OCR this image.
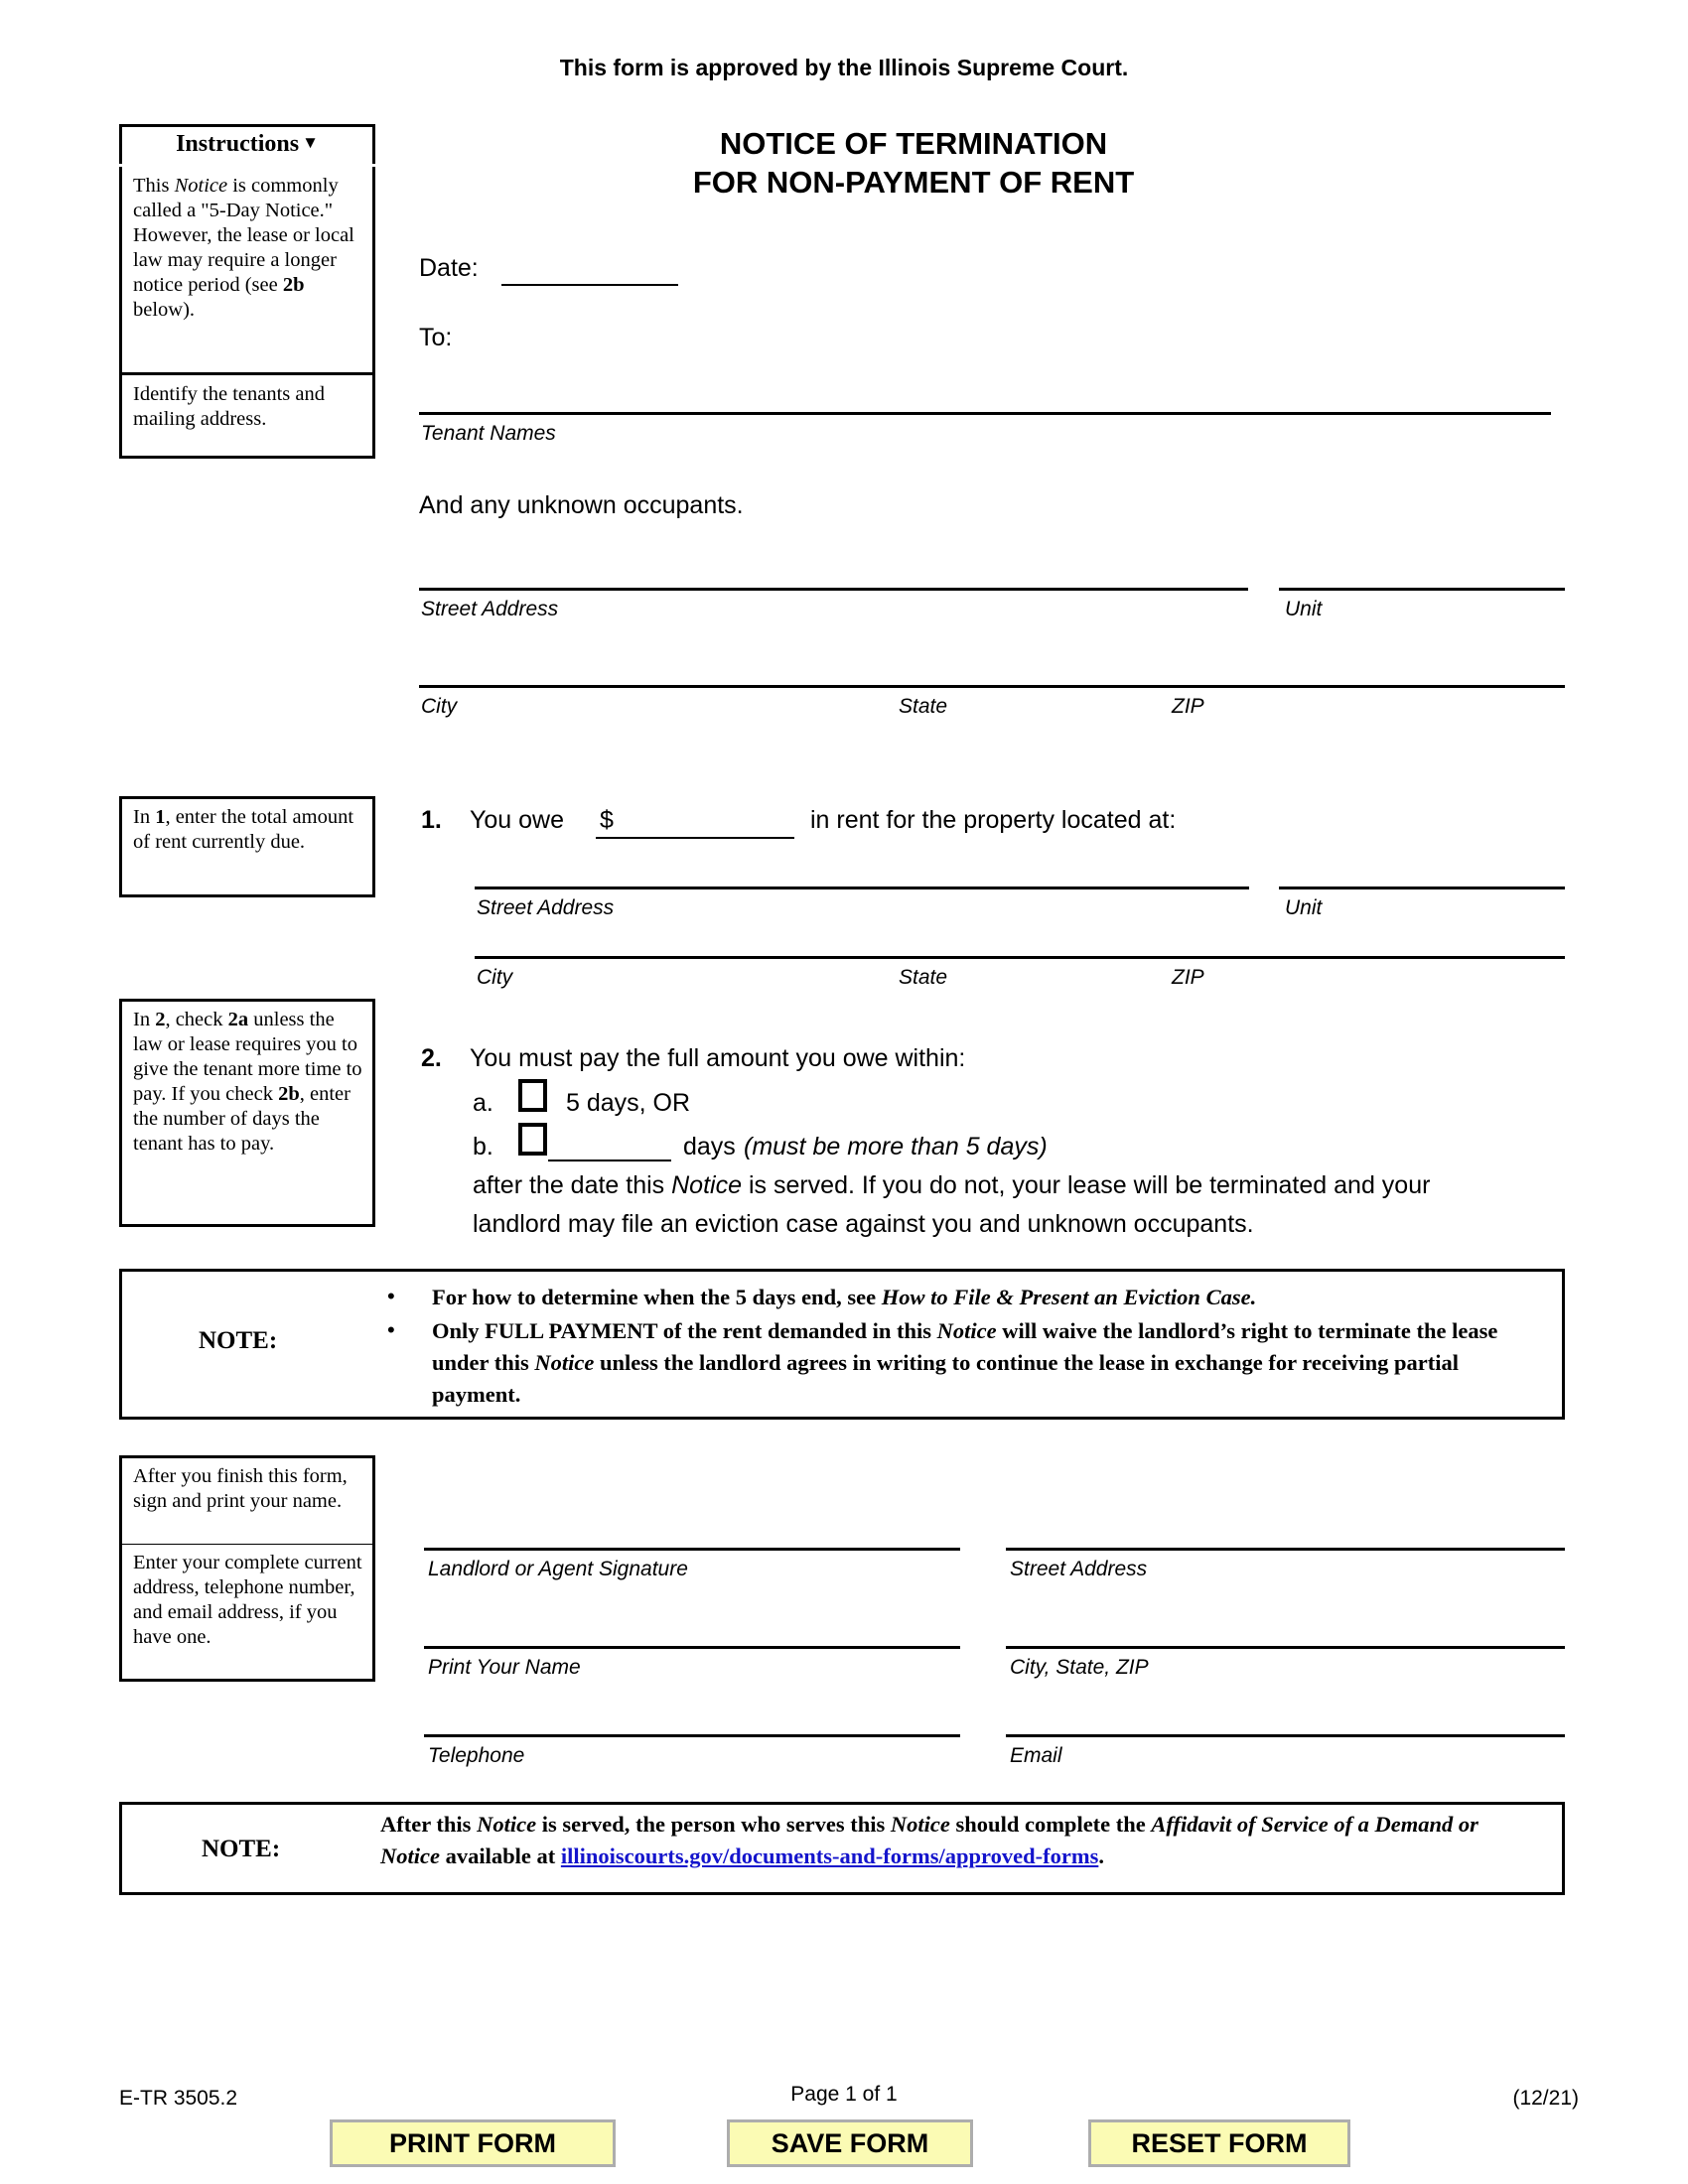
This form is approved by the Illinois Supreme Court.
NOTICE OF TERMINATION
FOR NON-PAYMENT OF RENT
Instructions ▼
This Notice is commonly called a "5-Day Notice." However, the lease or local law may require a longer notice period (see 2b below).
Identify the tenants and mailing address.
Date:
To:
Tenant Names
And any unknown occupants.
Street Address	Unit
City	State	ZIP
In 1, enter the total amount of rent currently due.
1. You owe $	in rent for the property located at:
Street Address	Unit
City	State	ZIP
In 2, check 2a unless the law or lease requires you to give the tenant more time to pay. If you check 2b, enter the number of days the tenant has to pay.
2. You must pay the full amount you owe within:
a.	5 days, OR
b.	days (must be more than 5 days)
after the date this Notice is served. If you do not, your lease will be terminated and your
landlord may file an eviction case against you and unknown occupants.
NOTE:
• For how to determine when the 5 days end, see How to File & Present an Eviction Case.
• Only FULL PAYMENT of the rent demanded in this Notice will waive the landlord’s right to terminate the lease under this Notice unless the landlord agrees in writing to continue the lease in exchange for receiving partial payment.
After you finish this form, sign and print your name.
Enter your complete current address, telephone number, and email address, if you have one.
Landlord or Agent Signature	Street Address
Print Your Name	City, State, ZIP
Telephone	Email
NOTE:
After this Notice is served, the person who serves this Notice should complete the Affidavit of Service of a Demand or Notice available at illinoiscourts.gov/documents-and-forms/approved-forms.
E-TR 3505.2	Page 1 of 1	(12/21)
PRINT FORM	SAVE FORM	RESET FORM
